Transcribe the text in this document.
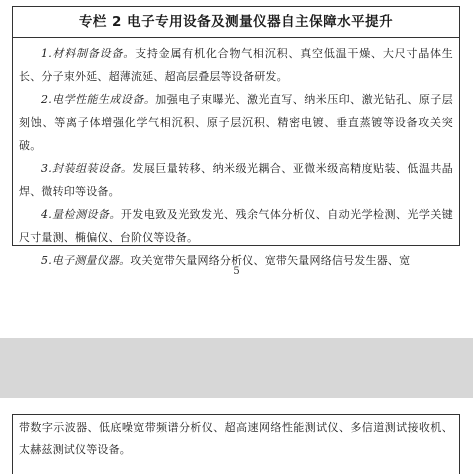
专栏 2 电子专用设备及测量仪器自主保障水平提升

1.材料制备设备。支持金属有机化合物气相沉积、真空低温干燥、大尺寸晶体生长、分子束外延、超薄流延、超高层叠层等设备研发。

2.电学性能生成设备。加强电子束曝光、激光直写、纳米压印、激光钻孔、原子层刻蚀、等离子体增强化学气相沉积、原子层沉积、精密电镀、垂直蒸镀等设备攻关突破。

3.封装组装设备。发展巨量转移、纳米级光耦合、亚微米级高精度贴装、低温共晶焊、微转印等设备。

4.量检测设备。开发电致及光致发光、残余气体分析仪、自动光学检测、光学关键尺寸量测、椭偏仪、台阶仪等设备。

5.电子测量仪器。攻关宽带矢量网络分析仪、宽带矢量网络信号发生器、宽

5

带数字示波器、低底噪宽带频谱分析仪、超高速网络性能测试仪、多信道测试接收机、太赫兹测试仪等设备。
